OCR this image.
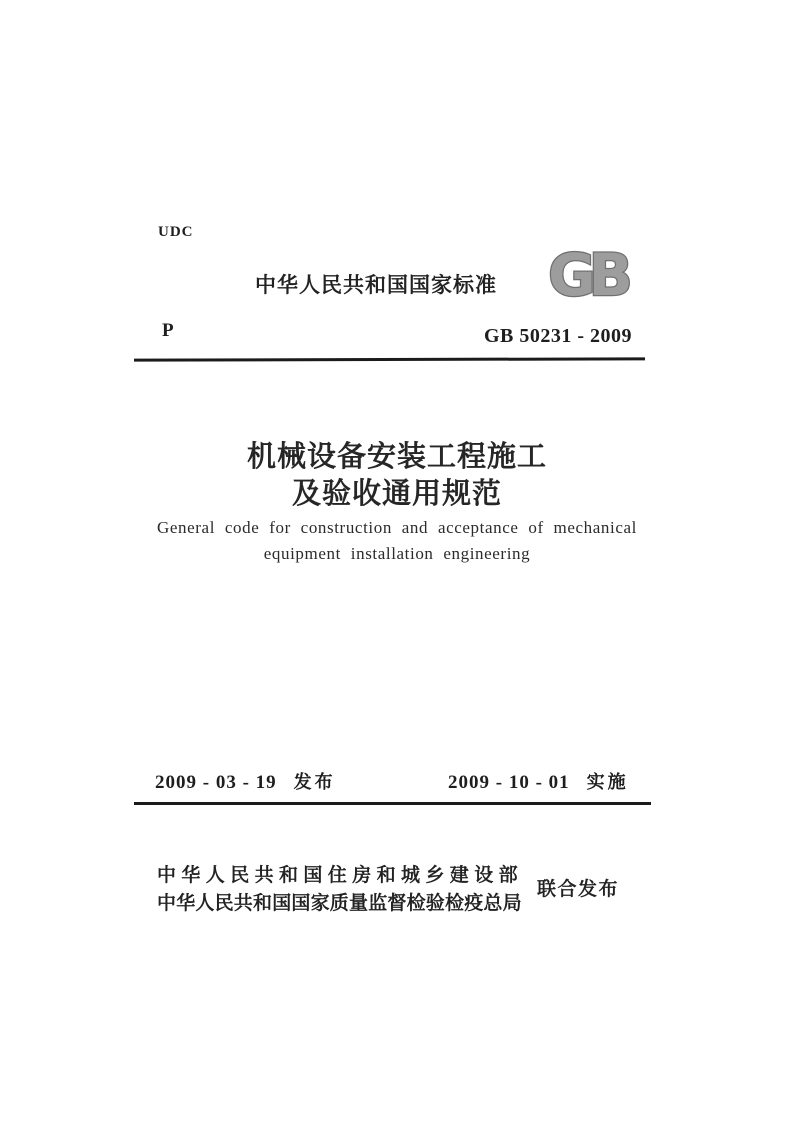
UDC
中华人民共和国国家标准 GB
P	GB 50231 - 2009
机械设备安装工程施工
及验收通用规范
General code for construction and acceptance of mechanical
equipment installation engineering
2009 - 03 - 19 发布	2009 - 10 - 01 实施
中华人民共和国住房和城乡建设部
中华人民共和国国家质量监督检验检疫总局
联合发布
